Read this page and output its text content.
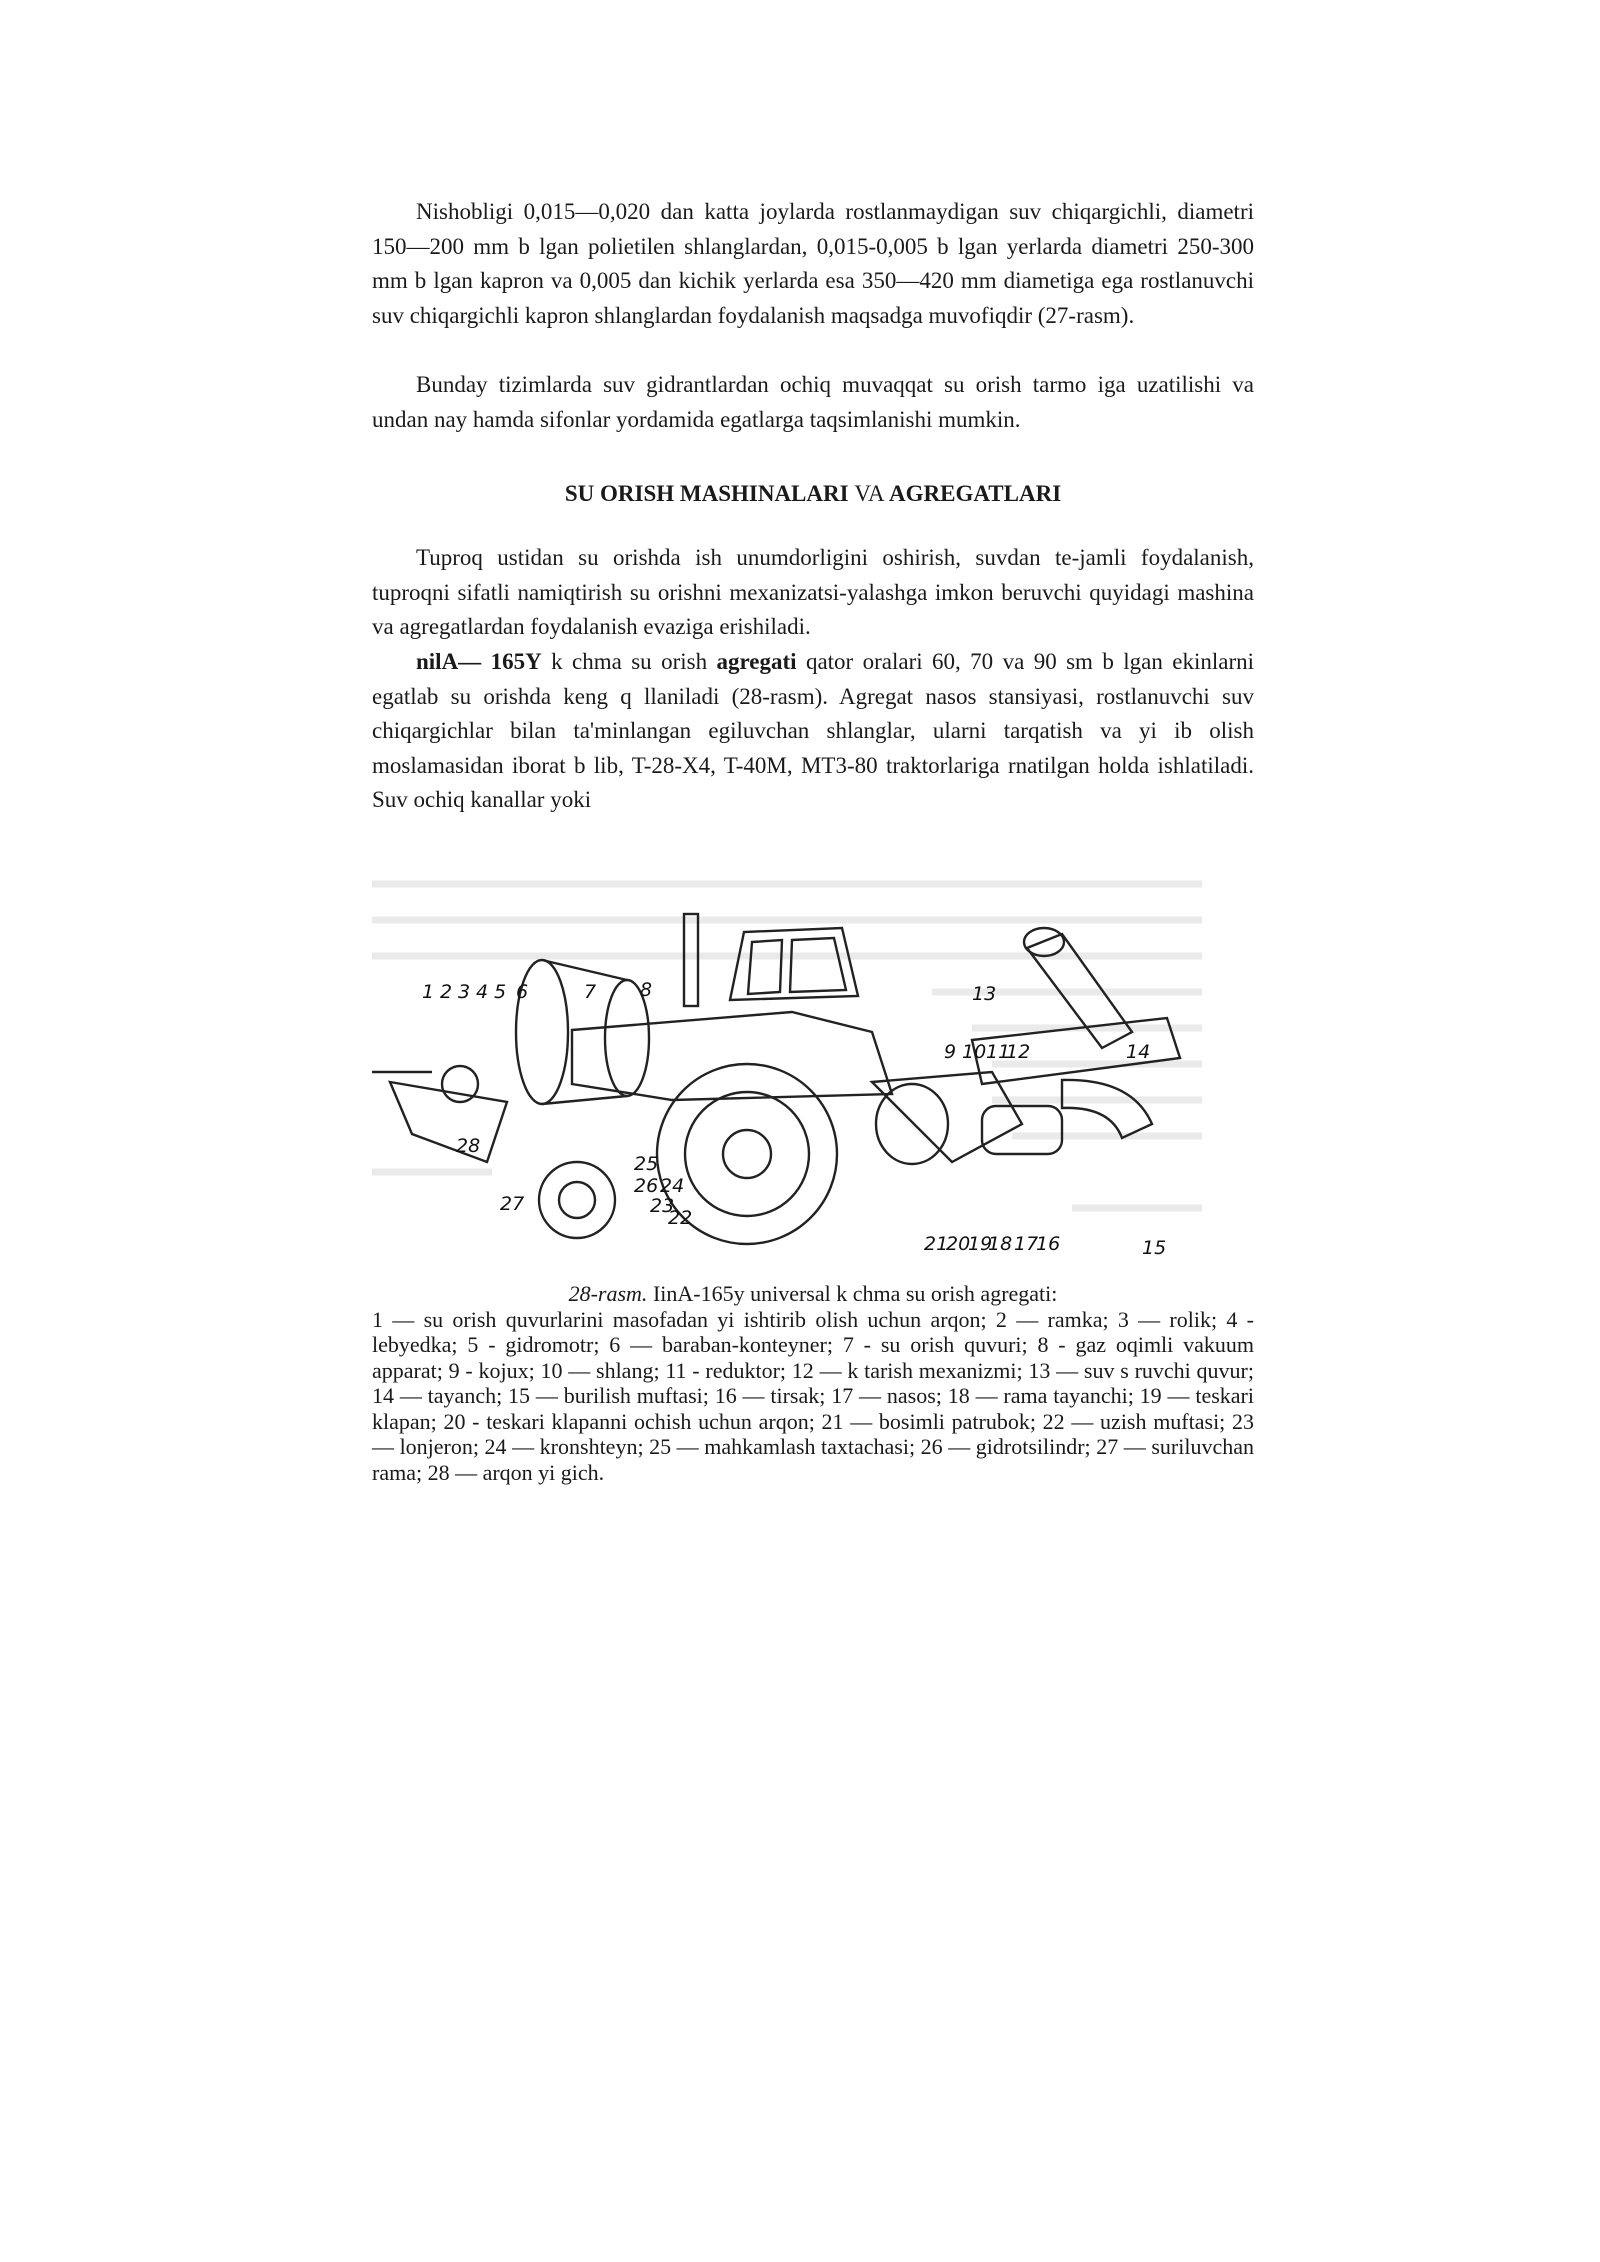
Nishobligi 0,015—0,020 dan katta joylarda rostlanmaydigan suv chiqargichli, diametri 150—200 mm b lgan polietilen shlanglardan, 0,015-0,005 b lgan yerlarda diametri 250-300 mm b lgan kapron va 0,005 dan kichik yerlarda esa 350—420 mm diametiga ega rostlanuvchi suv chiqargichli kapron shlanglardan foydalanish maqsadga muvofiqdir (27-rasm).

Bunday tizimlarda suv gidrantlardan ochiq muvaqqat su orish tarmo iga uzatilishi va undan nay hamda sifonlar yordamida egatlarga taqsimlanishi mumkin.

SU ORISH MASHINALARI VA AGREGATLARI

Tuproq ustidan su orishda ish unumdorligini oshirish, suvdan te-jamli foydalanish, tuproqni sifatli namiqtirish su orishni mexanizatsi-yalashga imkon beruvchi quyidagi mashina va agregatlardan foydalanish evaziga erishiladi.

nilA— 165Y k chma su orish agregati qator oralari 60, 70 va 90 sm b lgan ekinlarni egatlab su orishda keng q llaniladi (28-rasm). Agregat nasos stansiyasi, rostlanuvchi suv chiqargichlar bilan ta'minlangan egiluvchan shlanglar, ularni tarqatish va yi ib olish moslamasidan iborat b lib, T-28-X4, T-40M, MT3-80 traktorlariga rnatilgan holda ishlatiladi. Suv ochiq kanallar yoki

1 2 3 4 5 6	7 8
9 10 11
12
13
14
15
16
17
18
19
20
21
22
23
24
25
26
27
28
28-rasm. IinA-165y universal k chma su orish agregati:

1 — su orish quvurlarini masofadan yi ishtirib olish uchun arqon; 2 — ramka; 3 — rolik; 4 - lebyedka; 5 - gidromotr; 6 — baraban-konteyner; 7 - su orish quvuri; 8 - gaz oqimli vakuum apparat; 9 - kojux; 10 — shlang; 11 - reduktor; 12 — k tarish mexanizmi; 13 — suv s ruvchi quvur; 14 — tayanch; 15 — burilish muftasi; 16 — tirsak; 17 — nasos; 18 — rama tayanchi; 19 — teskari klapan; 20 - teskari klapanni ochish uchun arqon; 21 — bosimli patrubok; 22 — uzish muftasi; 23 — lonjeron; 24 — kronshteyn; 25 — mahkamlash taxtachasi; 26 — gidrotsilindr; 27 — suriluvchan rama; 28 — arqon yi gich.
